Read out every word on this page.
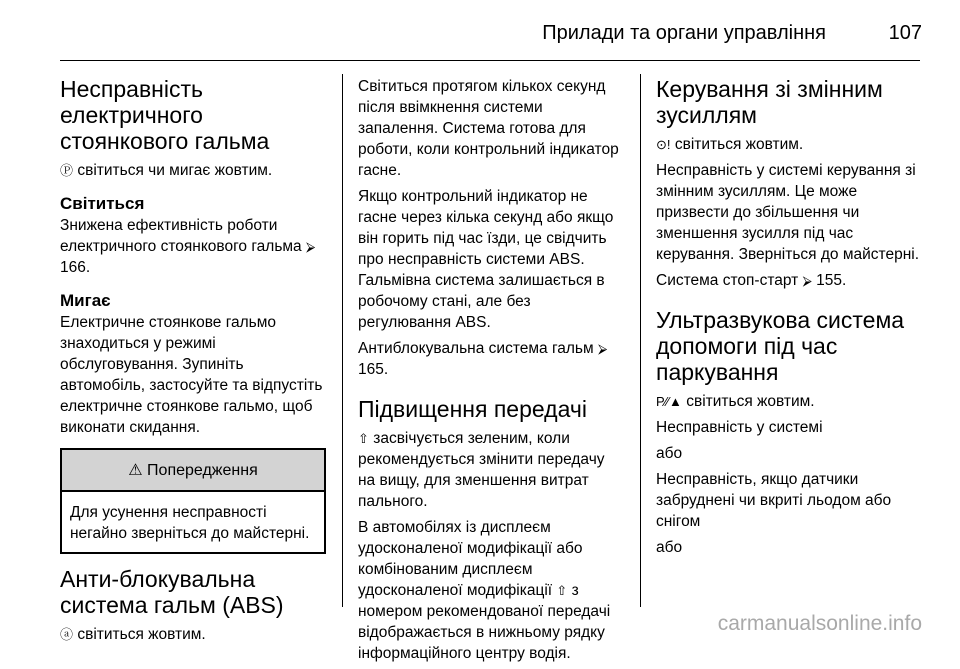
Прилади та органи управління	107
Несправність електричного стоянкового гальма

Ⓟ світиться чи мигає жовтим.

Світиться

Знижена ефективність роботи електричного стоянкового гальма ⮚ 166.

Мигає

Електричне стоянкове гальмо знаходиться у режимі обслуговування. Зупиніть автомобіль, застосуйте та відпустіть електричне стоянкове гальмо, щоб виконати скидання.

⚠ Попередження
Для усунення несправності негайно зверніться до майстерні.
Анти-блокувальна система гальм (ABS)

ⓐ світиться жовтим.

Світиться протягом кількох секунд після ввімкнення системи запалення. Система готова для роботи, коли контрольний індикатор гасне.

Якщо контрольний індикатор не гасне через кілька секунд або якщо він горить під час їзди, це свідчить про несправність системи ABS. Гальмівна система залишається в робочому стані, але без регулювання ABS.

Антиблокувальна система гальм ⮚ 165.

Підвищення передачі

⇧ засвічується зеленим, коли рекомендується змінити передачу на вищу, для зменшення витрат пального.

В автомобілях із дисплеєм удосконаленої модифікації або комбінованим дисплеєм удосконаленої модифікації ⇧ з номером рекомендованої передачі відображається в нижньому рядку інформаційного центру водія.

Керування зі змінним зусиллям

⊙! світиться жовтим.

Несправність у системі керування зі змінним зусиллям. Це може призвести до збільшення чи зменшення зусилля під час керування. Зверніться до майстерні.

Система стоп-старт ⮚ 155.

Ультразвукова система допомоги під час паркування

P⁄⁄▲ світиться жовтим.

Несправність у системі

або

Несправність, якщо датчики забруднені чи вкриті льодом або снігом

або

carmanualsonline.info
